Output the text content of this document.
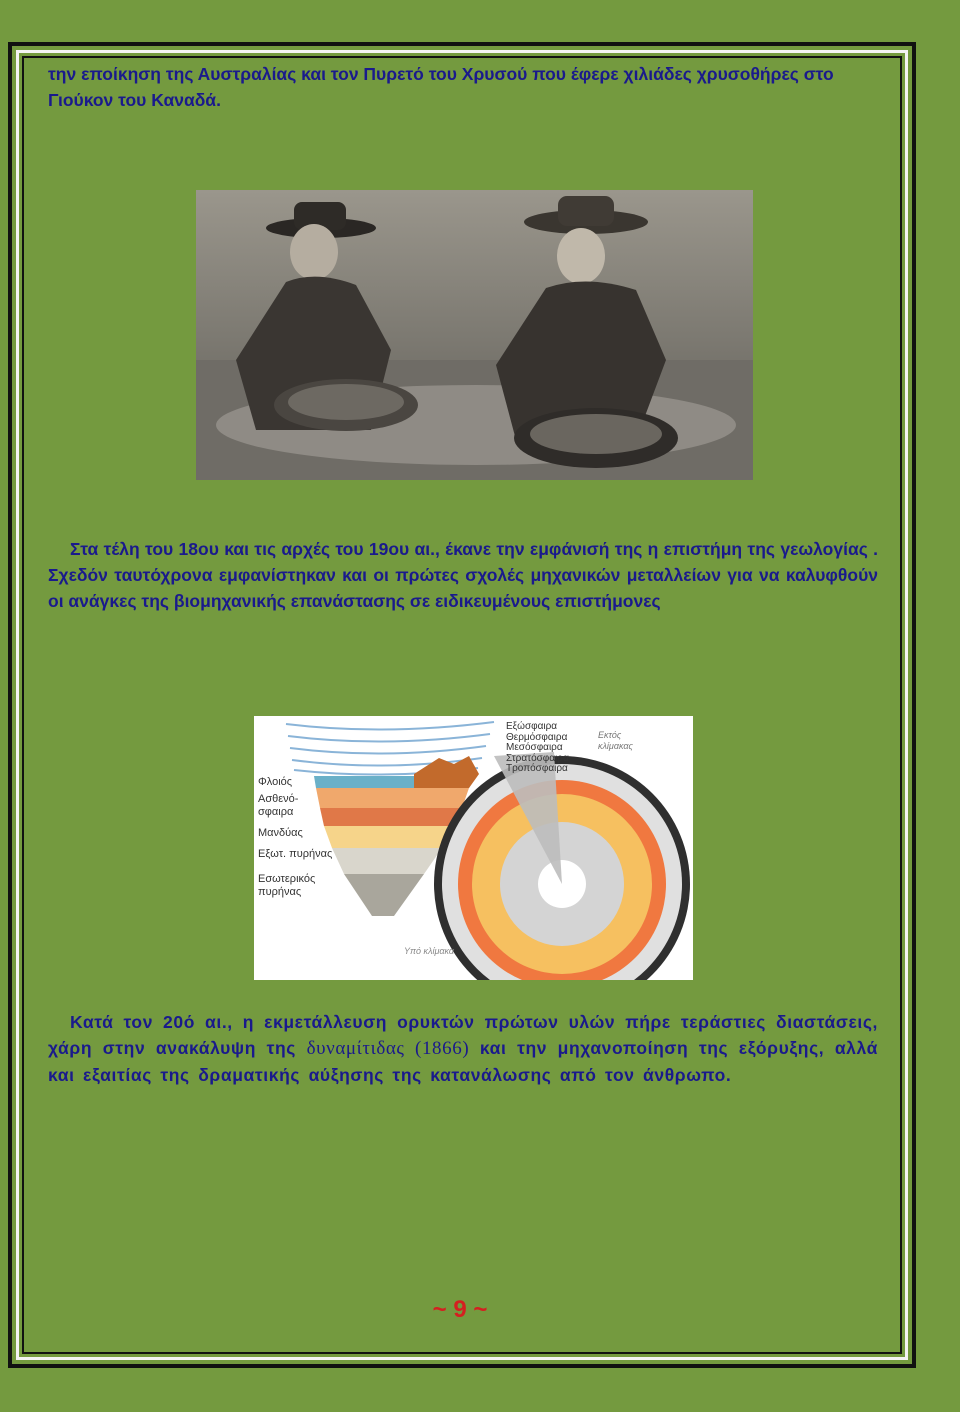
την εποίκηση της Αυστραλίας και τον Πυρετό του Χρυσού που έφερε χιλιάδες χρυσοθήρες στο Γιούκον του Καναδά.

Στα τέλη του 18ου και τις αρχές του 19ου αι., έκανε την εμφάνισή της η επιστήμη της γεωλογίας . Σχεδόν ταυτόχρονα εμφανίστηκαν και οι πρώτες σχολές μηχανικών μεταλλείων για να καλυφθούν οι ανάγκες της βιομηχανικής επανάστασης σε ειδικευμένους επιστήμονες

Εξώσφαιρα
Θερμόσφαιρα
Μεσόσφαιρα
Στρατόσφαιρα
Τροπόσφαιρα
Εκτός
κλίμακας
Φλοιός
Ασθενό-
σφαιρα
Μανδύας
Εξωτ. πυρήνας
Εσωτερικός
πυρήνας
Υπό κλίμακα

Κατά τον 20ό αι., η εκμετάλλευση ορυκτών πρώτων υλών πήρε τεράστιες διαστάσεις, χάρη στην ανακάλυψη της δυναμίτιδας (1866) και την μηχανοποίηση της εξόρυξης, αλλά και εξαιτίας της δραματικής αύξησης της κατανάλωσης από τον άνθρωπο.

~ 9 ~
